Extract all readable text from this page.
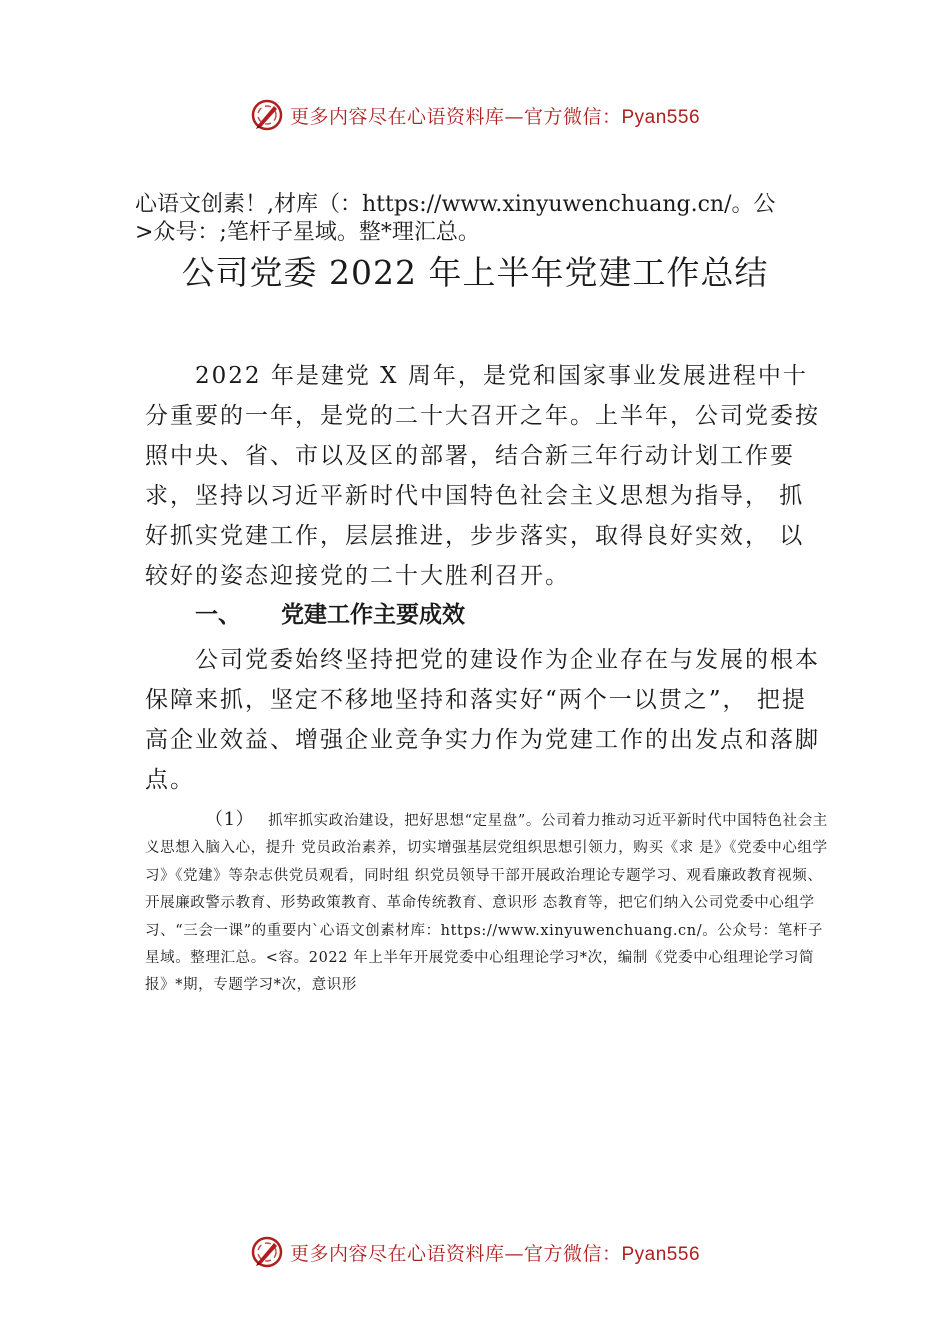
更多内容尽在心语资料库—官方微信：Pyan556
心语文创素！,材库（：https://www.xinyuwenchuang.cn/。公
>众号：;笔杆子星域。整*理汇总。
公司党委 2022 年上半年党建工作总结

2022 年是建党 X 周年，是党和国家事业发展进程中十分重要的一年，是党的二十大召开之年。上半年，公司党委按照中央、省、市以及区的部署，结合新三年行动计划工作要求，坚持以习近平新时代中国特色社会主义思想为指导， 抓好抓实党建工作，层层推进，步步落实，取得良好实效， 以较好的姿态迎接党的二十大胜利召开。

一、 党建工作主要成效

公司党委始终坚持把党的建设作为企业存在与发展的根本保障来抓，坚定不移地坚持和落实好“两个一以贯之”， 把提高企业效益、增强企业竞争实力作为党建工作的出发点和落脚点。

（1） 抓牢抓实政治建设，把好思想“定星盘”。公司着力推动习近平新时代中国特色社会主义思想入脑入心，提升 党员政治素养，切实增强基层党组织思想引领力，购买《求 是》《党委中心组学习》《党建》等杂志供党员观看，同时组 织党员领导干部开展政治理论专题学习、观看廉政教育视频、开展廉政警示教育、形势政策教育、革命传统教育、意识形 态教育等，把它们纳入公司党委中心组学习、“三会一课”的重要内`心语文创素材库：https://www.xinyuwenchuang.cn/。公众号：笔杆子星域。整理汇总。<容。2022 年上半年开展党委中心组理论学习*次，编制《党委中心组理论学习简报》*期，专题学习*次，意识形
更多内容尽在心语资料库—官方微信：Pyan556
